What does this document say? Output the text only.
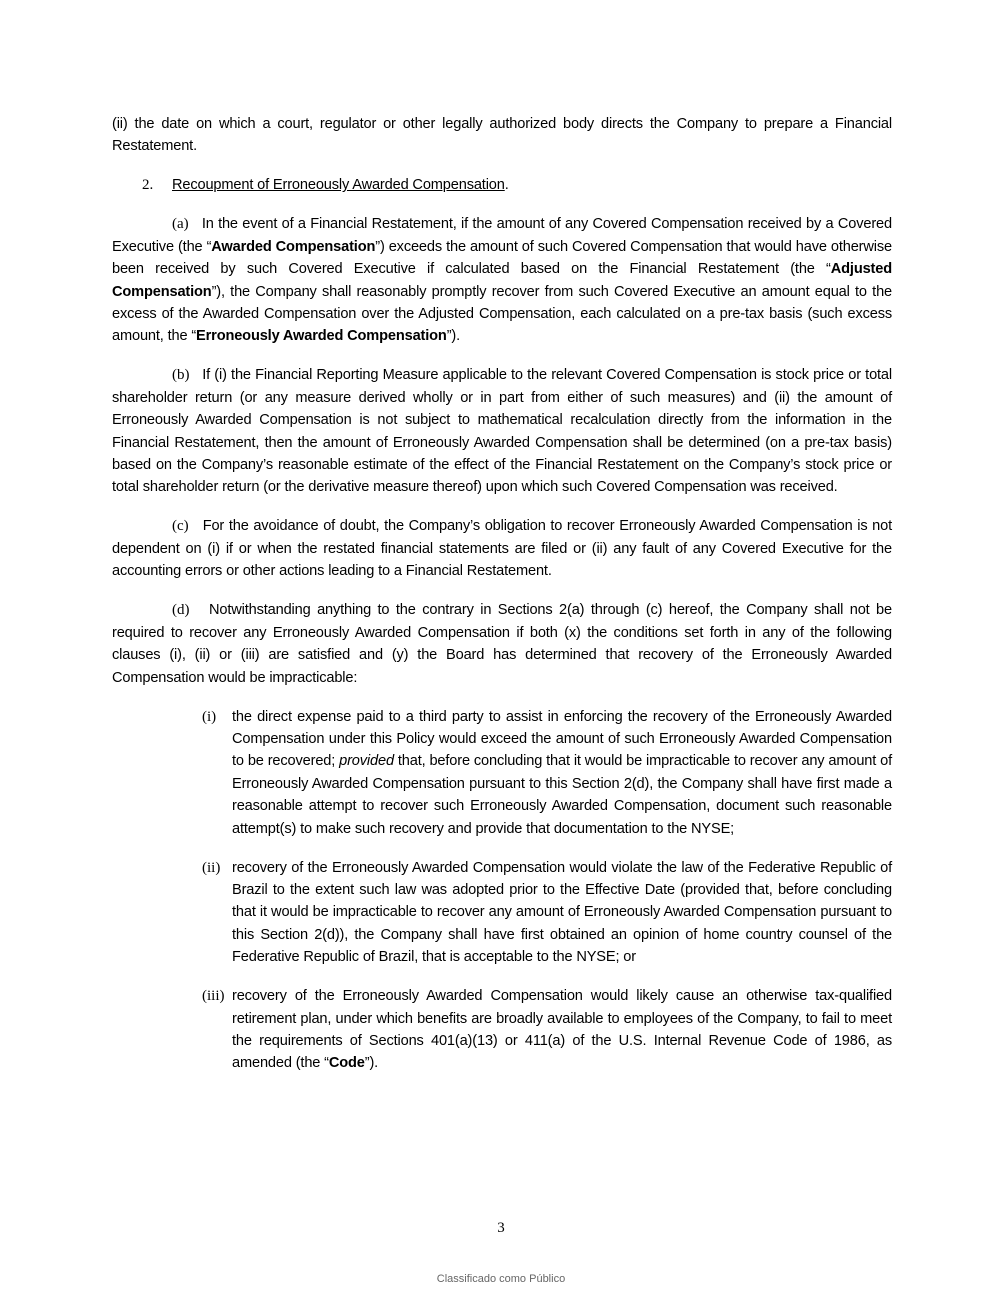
(ii) the date on which a court, regulator or other legally authorized body directs the Company to prepare a Financial Restatement.

2. Recoupment of Erroneously Awarded Compensation.

(a) In the event of a Financial Restatement, if the amount of any Covered Compensation received by a Covered Executive (the “Awarded Compensation”) exceeds the amount of such Covered Compensation that would have otherwise been received by such Covered Executive if calculated based on the Financial Restatement (the “Adjusted Compensation”), the Company shall reasonably promptly recover from such Covered Executive an amount equal to the excess of the Awarded Compensation over the Adjusted Compensation, each calculated on a pre-tax basis (such excess amount, the “Erroneously Awarded Compensation”).

(b) If (i) the Financial Reporting Measure applicable to the relevant Covered Compensation is stock price or total shareholder return (or any measure derived wholly or in part from either of such measures) and (ii) the amount of Erroneously Awarded Compensation is not subject to mathematical recalculation directly from the information in the Financial Restatement, then the amount of Erroneously Awarded Compensation shall be determined (on a pre-tax basis) based on the Company’s reasonable estimate of the effect of the Financial Restatement on the Company’s stock price or total shareholder return (or the derivative measure thereof) upon which such Covered Compensation was received.

(c) For the avoidance of doubt, the Company’s obligation to recover Erroneously Awarded Compensation is not dependent on (i) if or when the restated financial statements are filed or (ii) any fault of any Covered Executive for the accounting errors or other actions leading to a Financial Restatement.

(d) Notwithstanding anything to the contrary in Sections 2(a) through (c) hereof, the Company shall not be required to recover any Erroneously Awarded Compensation if both (x) the conditions set forth in any of the following clauses (i), (ii) or (iii) are satisfied and (y) the Board has determined that recovery of the Erroneously Awarded Compensation would be impracticable:

(i)	the direct expense paid to a third party to assist in enforcing the recovery of the Erroneously Awarded Compensation under this Policy would exceed the amount of such Erroneously Awarded Compensation to be recovered; provided that, before concluding that it would be impracticable to recover any amount of Erroneously Awarded Compensation pursuant to this Section 2(d), the Company shall have first made a reasonable attempt to recover such Erroneously Awarded Compensation, document such reasonable attempt(s) to make such recovery and provide that documentation to the NYSE;
(ii) recovery of the Erroneously Awarded Compensation would violate the law of the Federative Republic of Brazil to the extent such law was adopted prior to the Effective Date (provided that, before concluding that it would be impracticable to recover any amount of Erroneously Awarded Compensation pursuant to this Section 2(d)), the Company shall have first obtained an opinion of home country counsel of the Federative Republic of Brazil, that is acceptable to the NYSE; or
(iii) recovery of the Erroneously Awarded Compensation would likely cause an otherwise tax-qualified retirement plan, under which benefits are broadly available to employees of the Company, to fail to meet the requirements of Sections 401(a)(13) or 411(a) of the U.S. Internal Revenue Code of 1986, as amended (the “Code”).
3
Classificado como Público
